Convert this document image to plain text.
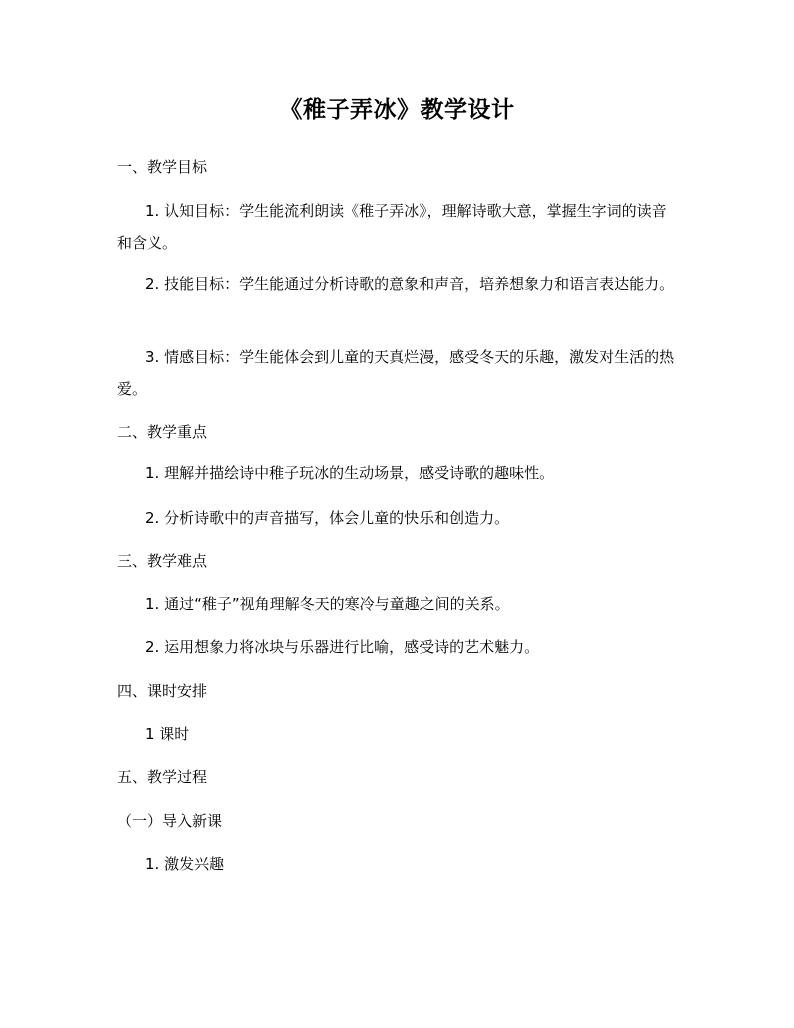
《稚子弄冰》教学设计
一、教学目标
1. 认知目标：学生能流利朗读《稚子弄冰》，理解诗歌大意，掌握生字词的读音和含义。
2. 技能目标：学生能通过分析诗歌的意象和声音，培养想象力和语言表达能力。
3. 情感目标：学生能体会到儿童的天真烂漫，感受冬天的乐趣，激发对生活的热爱。
二、教学重点
1. 理解并描绘诗中稚子玩冰的生动场景，感受诗歌的趣味性。
2. 分析诗歌中的声音描写，体会儿童的快乐和创造力。
三、教学难点
1. 通过“稚子”视角理解冬天的寒冷与童趣之间的关系。
2. 运用想象力将冰块与乐器进行比喻，感受诗的艺术魅力。
四、课时安排
1 课时
五、教学过程
（一）导入新课
1. 激发兴趣
